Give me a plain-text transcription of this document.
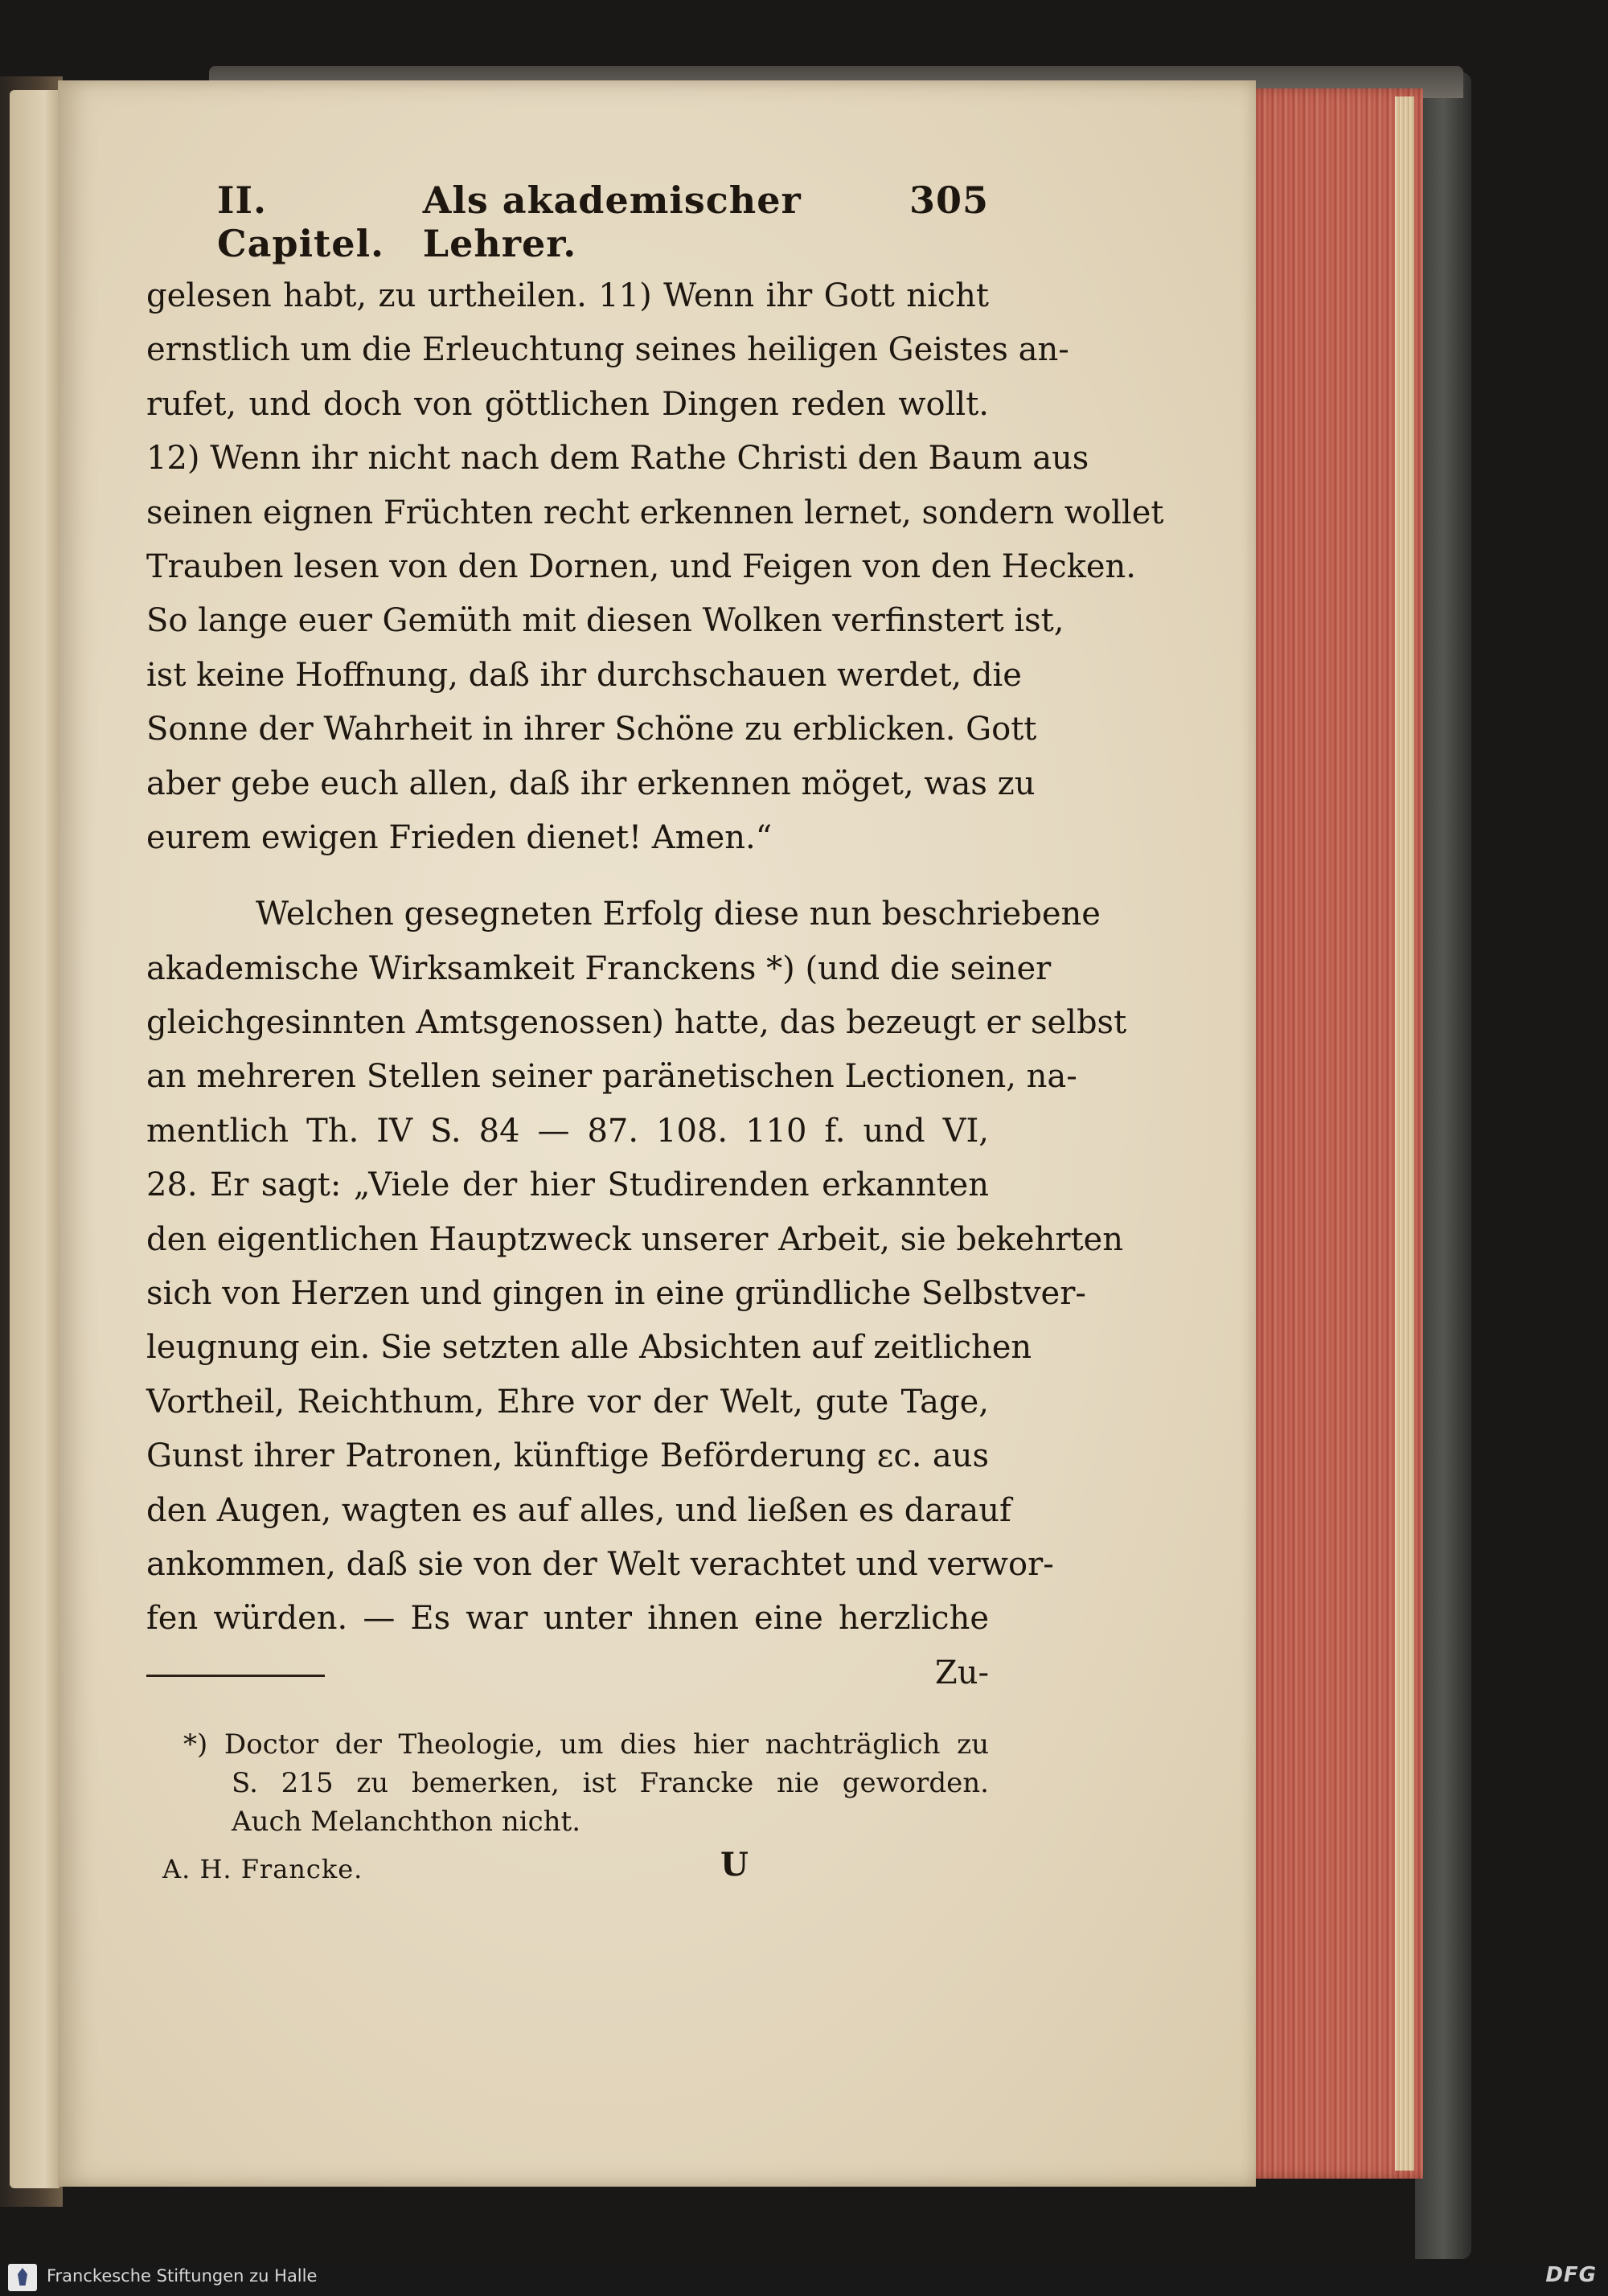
II. Capitel.
Als akademischer Lehrer.
305
gelesen habt, zu urtheilen. 11) Wenn ihr Gott nicht
ernstlich um die Erleuchtung seines heiligen Geistes an-
rufet, und doch von göttlichen Dingen reden wollt.
12) Wenn ihr nicht nach dem Rathe Christi den Baum aus
seinen eignen Früchten recht erkennen lernet, sondern wollet
Trauben lesen von den Dornen, und Feigen von den Hecken.
So lange euer Gemüth mit diesen Wolken verfinstert ist,
ist keine Hoffnung, daß ihr durchschauen werdet, die
Sonne der Wahrheit in ihrer Schöne zu erblicken. Gott
aber gebe euch allen, daß ihr erkennen möget, was zu
eurem ewigen Frieden dienet! Amen.“
Welchen gesegneten Erfolg diese nun beschriebene
akademische Wirksamkeit Franckens *) (und die seiner
gleichgesinnten Amtsgenossen) hatte, das bezeugt er selbst
an mehreren Stellen seiner paränetischen Lectionen, na-
mentlich Th. IV S. 84 — 87. 108. 110 f. und VI,
28. Er sagt: „Viele der hier Studirenden erkannten
den eigentlichen Hauptzweck unserer Arbeit, sie bekehrten
sich von Herzen und gingen in eine gründliche Selbstver-
leugnung ein. Sie setzten alle Absichten auf zeitlichen
Vortheil, Reichthum, Ehre vor der Welt, gute Tage,
Gunst ihrer Patronen, künftige Beförderung ɛc. aus
den Augen, wagten es auf alles, und ließen es darauf
ankommen, daß sie von der Welt verachtet und verwor-
fen würden. — Es war unter ihnen eine herzliche
Zu-
*) Doctor der Theologie, um dies hier nachträglich zu
S. 215 zu bemerken, ist Francke nie geworden.
Auch Melanchthon nicht.
A. H. Francke.	U
Franckesche Stiftungen zu Halle	DFG
